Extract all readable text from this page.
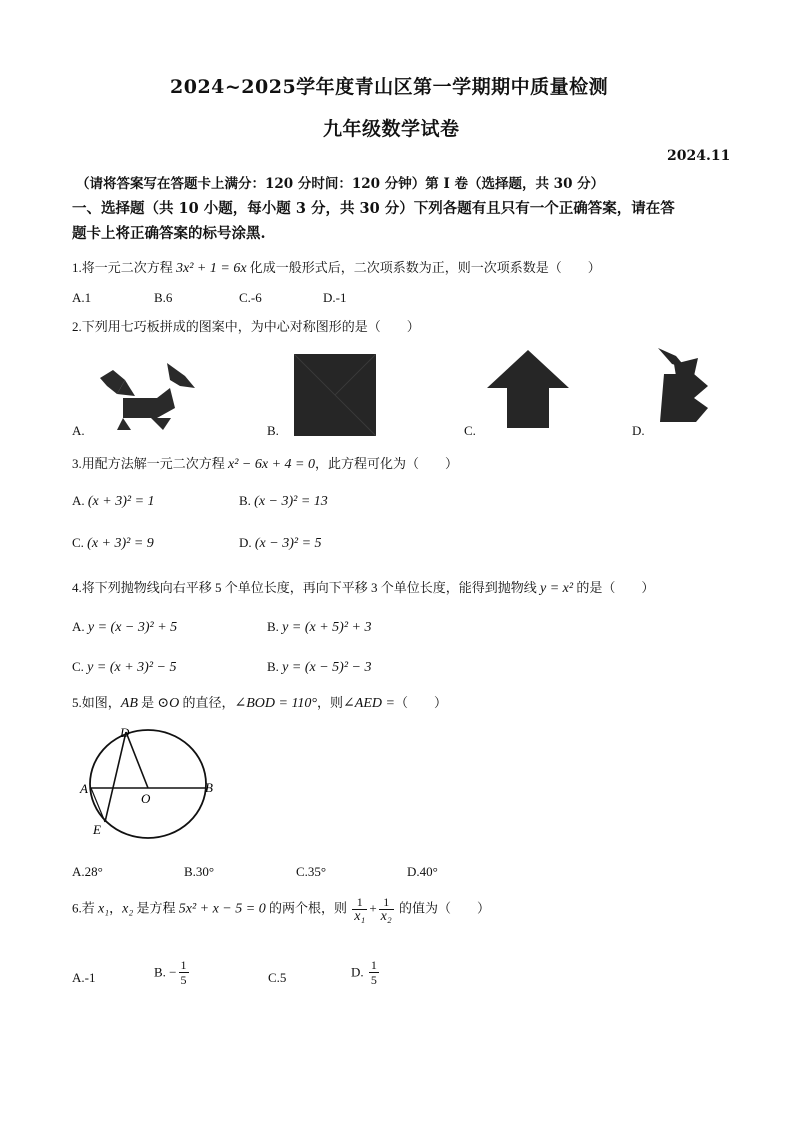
2024~2025学年度青山区第一学期期中质量检测
九年级数学试卷
2024.11
（请将答案写在答题卡上满分：120 分时间：120 分钟）第 I 卷（选择题，共 30 分）
一、选择题（共 10 小题，每小题 3 分，共 30 分）下列各题有且只有一个正确答案，请在答
题卡上将正确答案的标号涂黑.
1.将一元二次方程 3x² + 1 = 6x 化成一般形式后，二次项系数为正，则一次项系数是（　　）
A.1	B.6	C.-6	D.-1
2.下列用七巧板拼成的图案中，为中心对称图形的是（　　）
A.	B.	C.	D.
3.用配方法解一元二次方程 x² − 6x + 4 = 0，此方程可化为（　　）
A. (x + 3)² = 1	B. (x − 3)² = 13
C. (x + 3)² = 9	D. (x − 3)² = 5
4.将下列抛物线向右平移 5 个单位长度，再向下平移 3 个单位长度，能得到抛物线 y = x² 的是（　　）
A. y = (x − 3)² + 5	B. y = (x + 5)² + 3
C. y = (x + 3)² − 5	B. y = (x − 5)² − 3
5.如图，AB 是 ⊙O 的直径，∠BOD = 110°，则∠AED =（　　）
D
A
O
B
E
A.28°	B.30°	C.35°	D.40°
6.若 x₁，x₂ 是方程 5x² + x − 5 = 0 的两个根，则 $\frac{1}{\text{x₁}} + \frac{1}{\text{x₂}}$ 的值为（　　）
A.-1	B. − $\frac{1}{5}$	C.5	D. $\frac{1}{5}$
